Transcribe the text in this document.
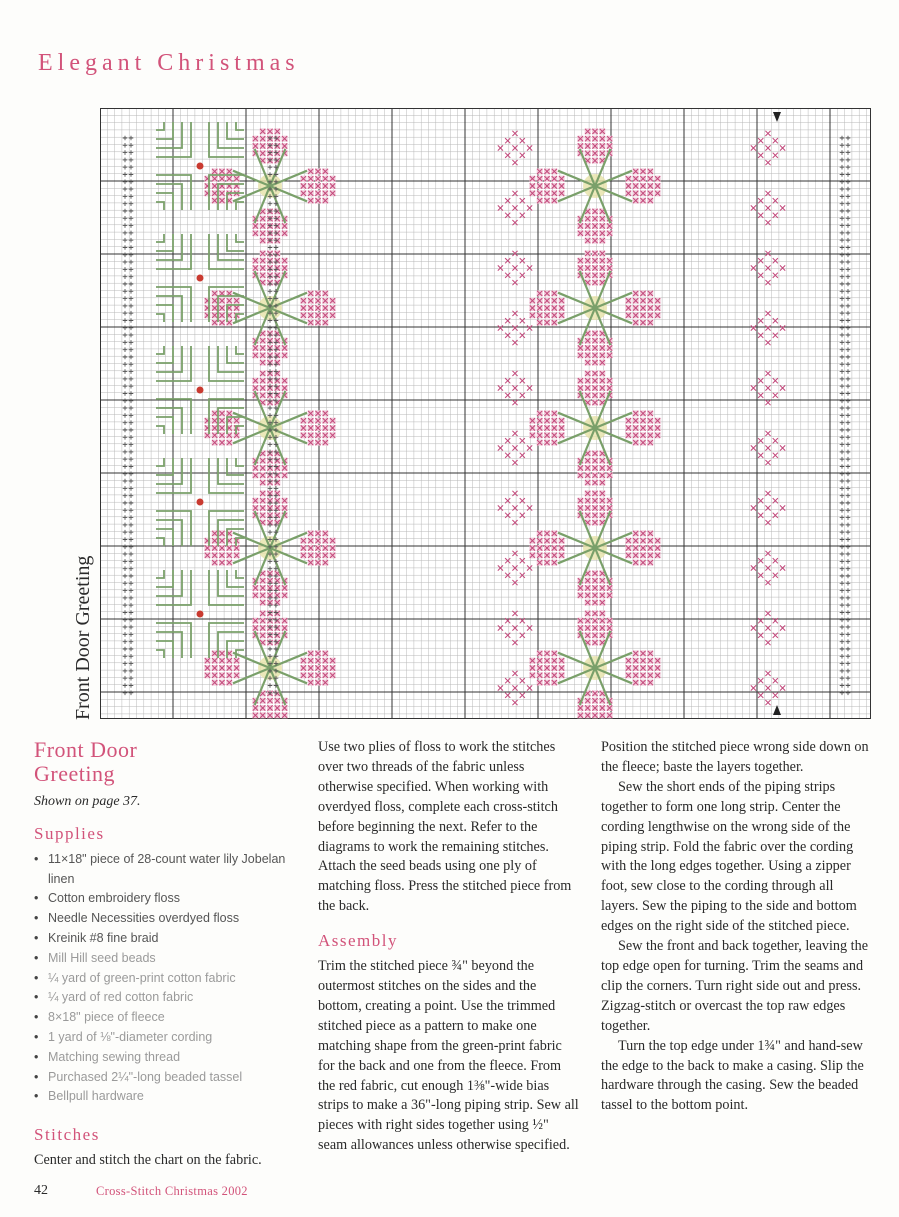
Elegant Christmas
Front Door Greeting
Front Door
Greeting
Shown on page 37.
Supplies
• 11×18" piece of 28-count water lily Jobelan linen
• Cotton embroidery floss
• Needle Necessities overdyed floss
• Kreinik #8 fine braid
• Mill Hill seed beads
• ¼ yard of green-print cotton fabric
• ¼ yard of red cotton fabric
• 8×18" piece of fleece
• 1 yard of ⅛"-diameter cording
• Matching sewing thread
• Purchased 2¼"-long beaded tassel
• Bellpull hardware
Stitches

Center and stitch the chart on the fabric.

Use two plies of floss to work the stitches over two threads of the fabric unless otherwise specified. When working with overdyed floss, complete each cross-stitch before beginning the next. Refer to the diagrams to work the remaining stitches. Attach the seed beads using one ply of matching floss. Press the stitched piece from the back.

Assembly

Trim the stitched piece ¾" beyond the outermost stitches on the sides and the bottom, creating a point. Use the trimmed stitched piece as a pattern to make one matching shape from the green-print fabric for the back and one from the fleece. From the red fabric, cut enough 1⅜"-wide bias strips to make a 36"-long piping strip. Sew all pieces with right sides together using ½" seam allowances unless otherwise specified.

Position the stitched piece wrong side down on the fleece; baste the layers together.

Sew the short ends of the piping strips together to form one long strip. Center the cording lengthwise on the wrong side of the piping strip. Fold the fabric over the cording with the long edges together. Using a zipper foot, sew close to the cording through all layers. Sew the piping to the side and bottom edges on the right side of the stitched piece.

Sew the front and back together, leaving the top edge open for turning. Trim the seams and clip the corners. Turn right side out and press. Zigzag-stitch or overcast the top raw edges together.

Turn the top edge under 1¾" and hand-sew the edge to the back to make a casing. Slip the hardware through the casing. Sew the beaded tassel to the bottom point.

42	Cross-Stitch Christmas 2002
